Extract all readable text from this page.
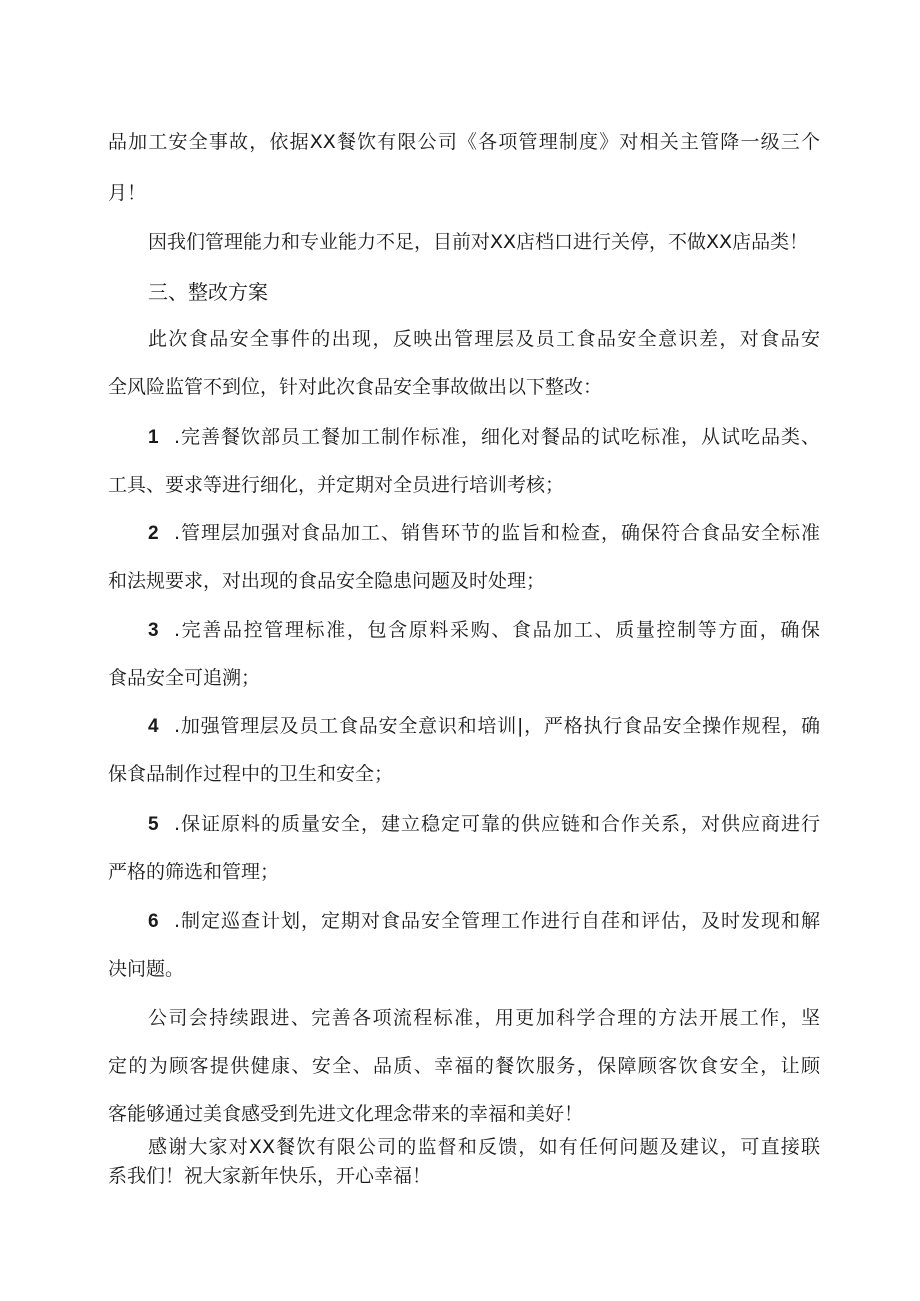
品加工安全事故，依据XX餐饮有限公司《各项管理制度》对相关主管降一级三个

月！

因我们管理能力和专业能力不足，目前对XX店档口进行关停，不做XX店品类！

三、整改方案

此次食品安全事件的出现，反映出管理层及员工食品安全意识差，对食品安

全风险监管不到位，针对此次食品安全事故做出以下整改：

1 .完善餐饮部员工餐加工制作标准，细化对餐品的试吃标准，从试吃品类、

工具、要求等进行细化，并定期对全员进行培训考核；

2 .管理层加强对食品加工、销售环节的监旨和检查，确保符合食品安全标准

和法规要求，对出现的食品安全隐患问题及时处理；

3 .完善品控管理标准，包含原料采购、食品加工、质量控制等方面，确保

食品安全可追溯；

4 .加强管理层及员工食品安全意识和培训|，严格执行食品安全操作规程，确

保食品制作过程中的卫生和安全；

5 .保证原料的质量安全，建立稳定可靠的供应链和合作关系，对供应商进行

严格的筛选和管理；

6 .制定巡查计划，定期对食品安全管理工作进行自荏和评估，及时发现和解

决问题。

公司会持续跟进、完善各项流程标准，用更加科学合理的方法开展工作，坚

定的为顾客提供健康、安全、品质、幸福的餐饮服务，保障顾客饮食安全，让顾

客能够通过美食感受到先进文化理念带来的幸福和美好！

感谢大家对XX餐饮有限公司的监督和反馈，如有任何问题及建议，可直接联

系我们！祝大家新年快乐，开心幸福！
